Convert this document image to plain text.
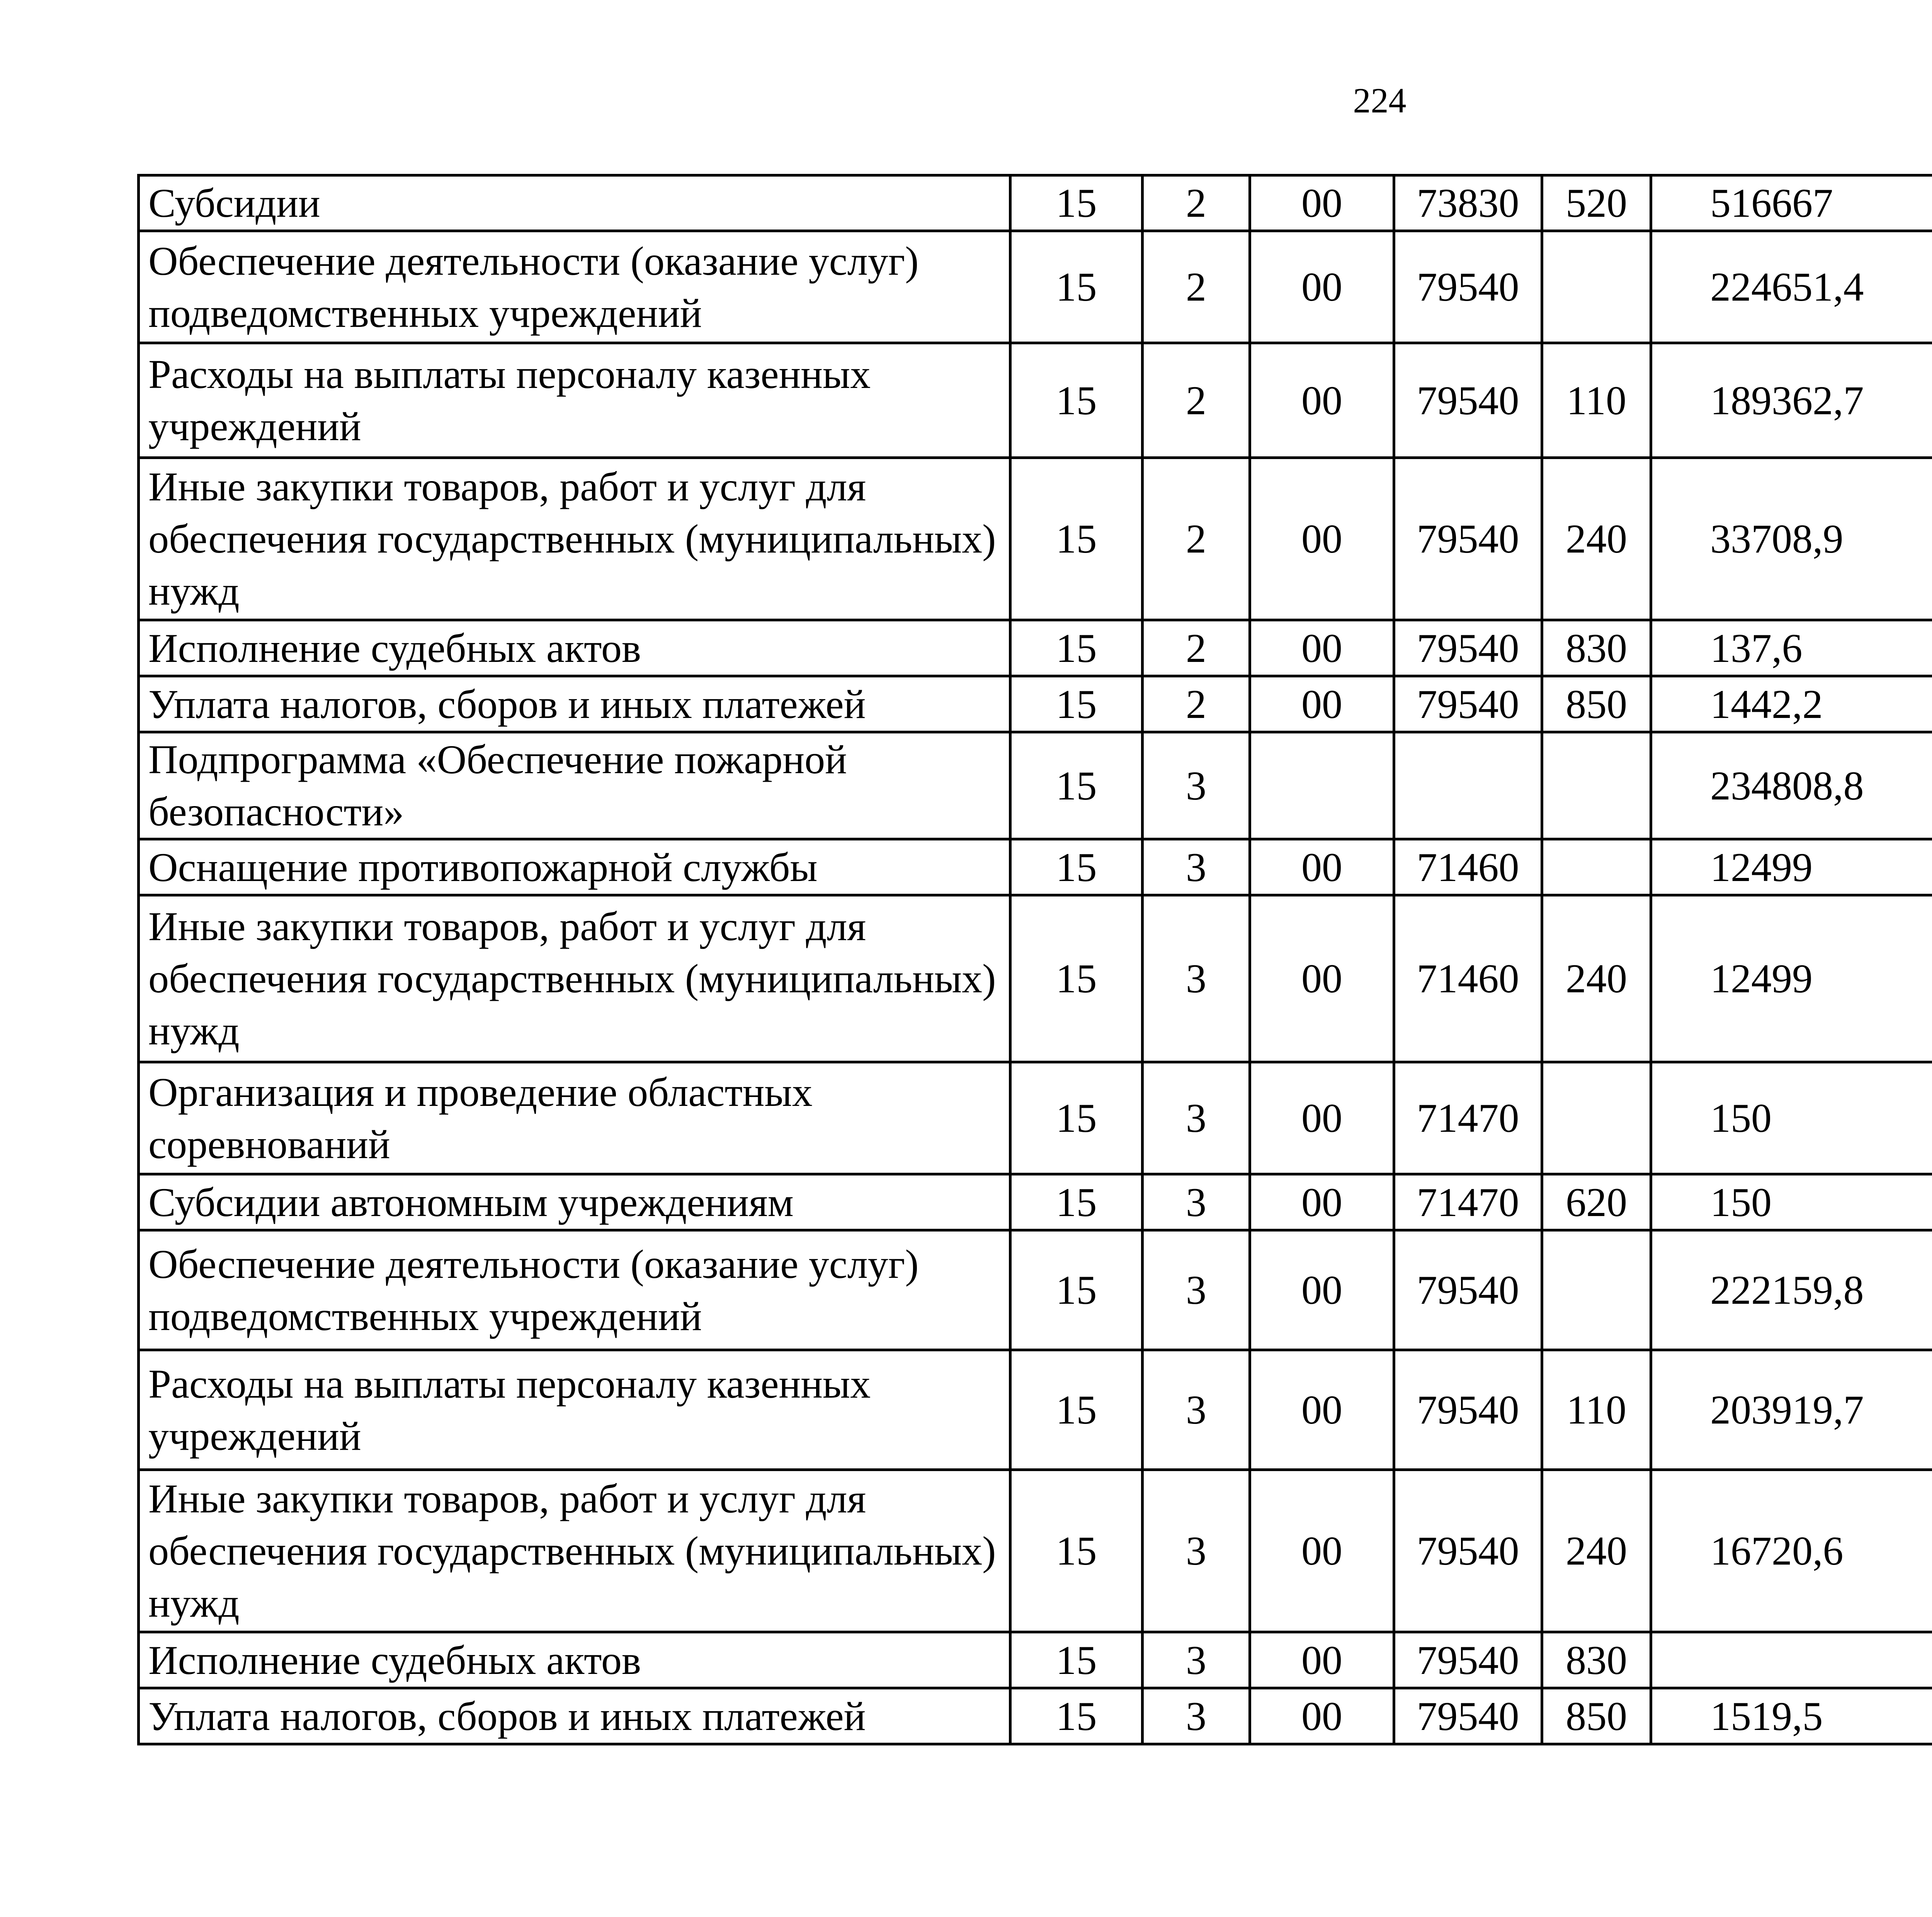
224
Субсидии	15	2	00	73830	520	516667		
Обеспечение деятельности (оказание услуг) подведомственных учреждений	15	2	00	79540		224651,4		
Расходы на выплаты персоналу казенных учреждений	15	2	00	79540	110	189362,7		
Иные закупки товаров, работ и услуг для обеспечения государственных (муниципальных) нужд	15	2	00	79540	240	33708,9		
Исполнение судебных актов	15	2	00	79540	830	137,6		
Уплата налогов, сборов и иных платежей	15	2	00	79540	850	1442,2		
Подпрограмма «Обеспечение пожарной безопасности»	15	3				234808,8		
Оснащение противопожарной службы	15	3	00	71460		12499		
Иные закупки товаров, работ и услуг для обеспечения государственных (муниципальных) нужд	15	3	00	71460	240	12499		
Организация и проведение областных соревнований	15	3	00	71470		150		
Субсидии автономным учреждениям	15	3	00	71470	620	150		
Обеспечение деятельности (оказание услуг) подведомственных учреждений	15	3	00	79540		222159,8		
Расходы на выплаты персоналу казенных учреждений	15	3	00	79540	110	203919,7		
Иные закупки товаров, работ и услуг для обеспечения государственных (муниципальных) нужд	15	3	00	79540	240	16720,6		
Исполнение судебных актов	15	3	00	79540	830			
Уплата налогов, сборов и иных платежей	15	3	00	79540	850	1519,5		
